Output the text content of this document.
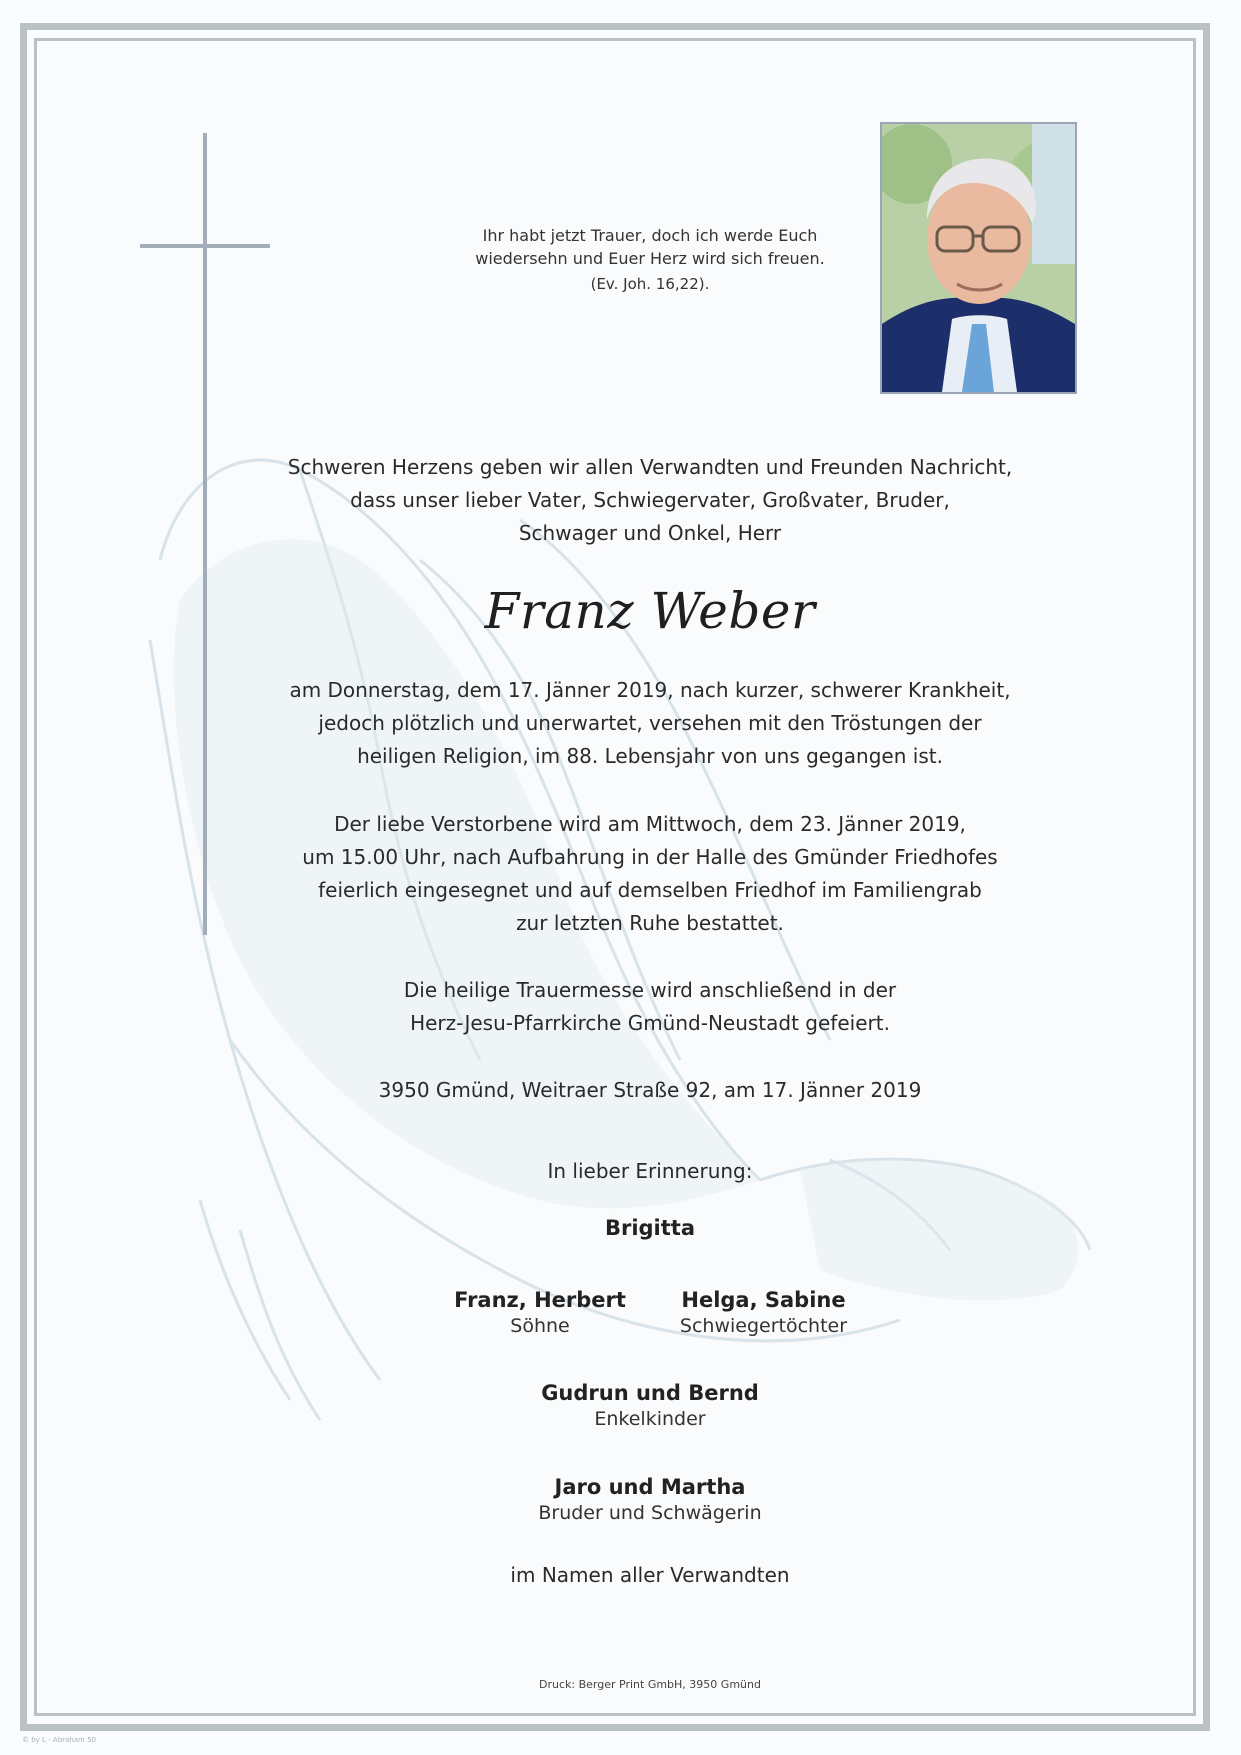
Ihr habt jetzt Trauer, doch ich werde Euch
wiedersehn und Euer Herz wird sich freuen.
(Ev. Joh. 16,22).
Schweren Herzens geben wir allen Verwandten und Freunden Nachricht,
dass unser lieber Vater, Schwiegervater, Großvater, Bruder,
Schwager und Onkel, Herr
Franz Weber
am Donnerstag, dem 17. Jänner 2019, nach kurzer, schwerer Krankheit,
jedoch plötzlich und unerwartet, versehen mit den Tröstungen der
heiligen Religion, im 88. Lebensjahr von uns gegangen ist.
Der liebe Verstorbene wird am Mittwoch, dem 23. Jänner 2019,
um 15.00 Uhr, nach Aufbahrung in der Halle des Gmünder Friedhofes
feierlich eingesegnet und auf demselben Friedhof im Familiengrab
zur letzten Ruhe bestattet.
Die heilige Trauermesse wird anschließend in der
Herz-Jesu-Pfarrkirche Gmünd-Neustadt gefeiert.
3950 Gmünd, Weitraer Straße 92, am 17. Jänner 2019
In lieber Erinnerung:
Brigitta
Franz, Herbert
Söhne
Helga, Sabine
Schwiegertöchter
Gudrun und Bernd
Enkelkinder
Jaro und Martha
Bruder und Schwägerin
im Namen aller Verwandten
Druck: Berger Print GmbH, 3950 Gmünd
© by L - Abraham 50
